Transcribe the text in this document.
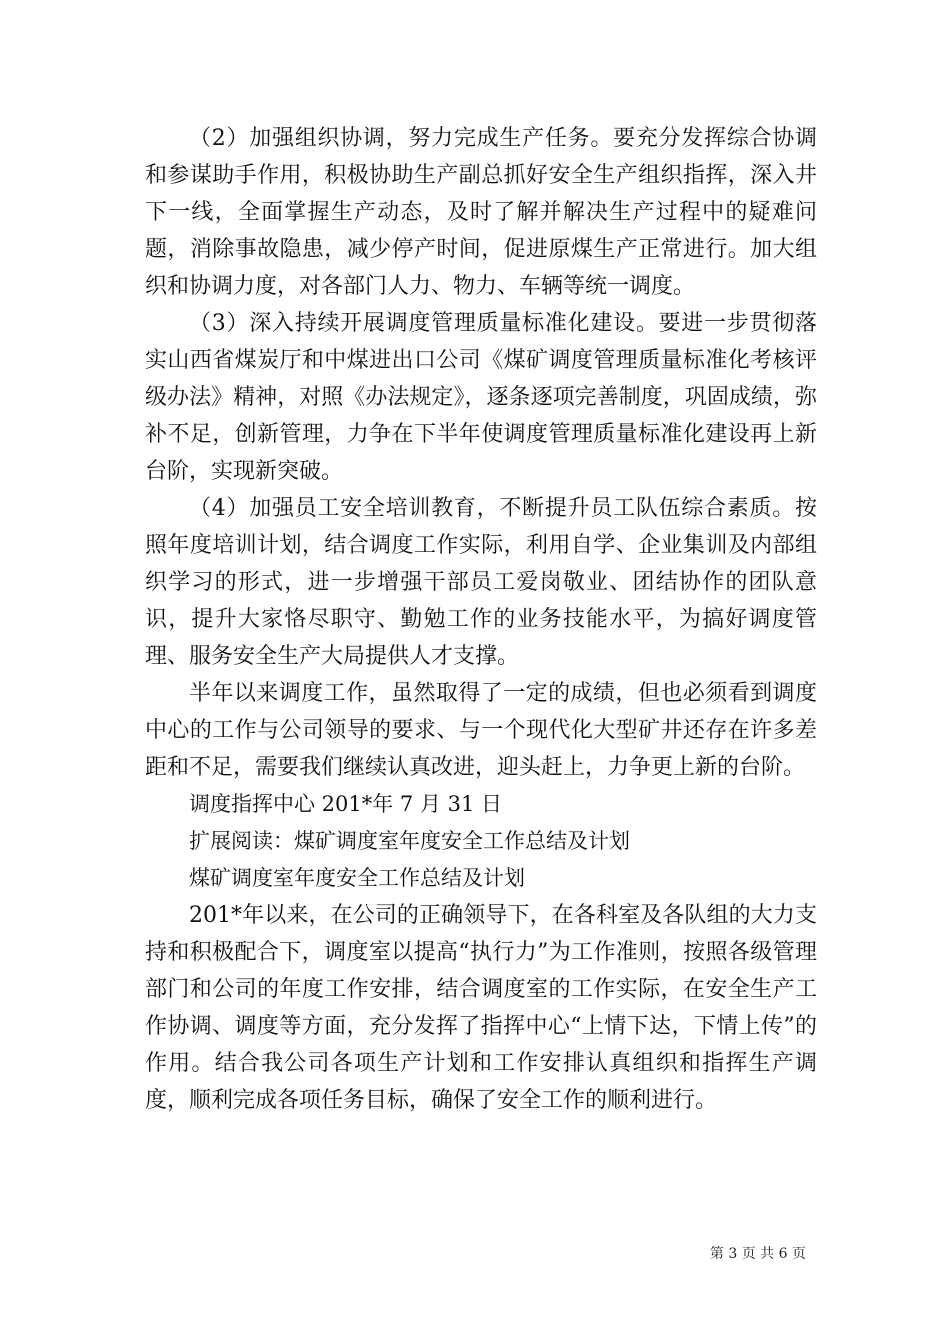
（2）加强组织协调，努力完成生产任务。要充分发挥综合协调和参谋助手作用，积极协助生产副总抓好安全生产组织指挥，深入井下一线，全面掌握生产动态，及时了解并解决生产过程中的疑难问题，消除事故隐患，减少停产时间，促进原煤生产正常进行。加大组织和协调力度，对各部门人力、物力、车辆等统一调度。

（3）深入持续开展调度管理质量标准化建设。要进一步贯彻落实山西省煤炭厅和中煤进出口公司《煤矿调度管理质量标准化考核评级办法》精神，对照《办法规定》，逐条逐项完善制度，巩固成绩，弥补不足，创新管理，力争在下半年使调度管理质量标准化建设再上新台阶，实现新突破。

（4）加强员工安全培训教育，不断提升员工队伍综合素质。按照年度培训计划，结合调度工作实际，利用自学、企业集训及内部组织学习的形式，进一步增强干部员工爱岗敬业、团结协作的团队意识，提升大家恪尽职守、勤勉工作的业务技能水平，为搞好调度管理、服务安全生产大局提供人才支撑。

半年以来调度工作，虽然取得了一定的成绩，但也必须看到调度中心的工作与公司领导的要求、与一个现代化大型矿井还存在许多差距和不足，需要我们继续认真改进，迎头赶上，力争更上新的台阶。

调度指挥中心 201*年 7 月 31 日

扩展阅读：煤矿调度室年度安全工作总结及计划

煤矿调度室年度安全工作总结及计划

201*年以来，在公司的正确领导下，在各科室及各队组的大力支持和积极配合下，调度室以提高“执行力”为工作准则，按照各级管理部门和公司的年度工作安排，结合调度室的工作实际，在安全生产工作协调、调度等方面，充分发挥了指挥中心“上情下达，下情上传”的作用。结合我公司各项生产计划和工作安排认真组织和指挥生产调度，顺利完成各项任务目标，确保了安全工作的顺利进行。

第 3 页 共 6 页
